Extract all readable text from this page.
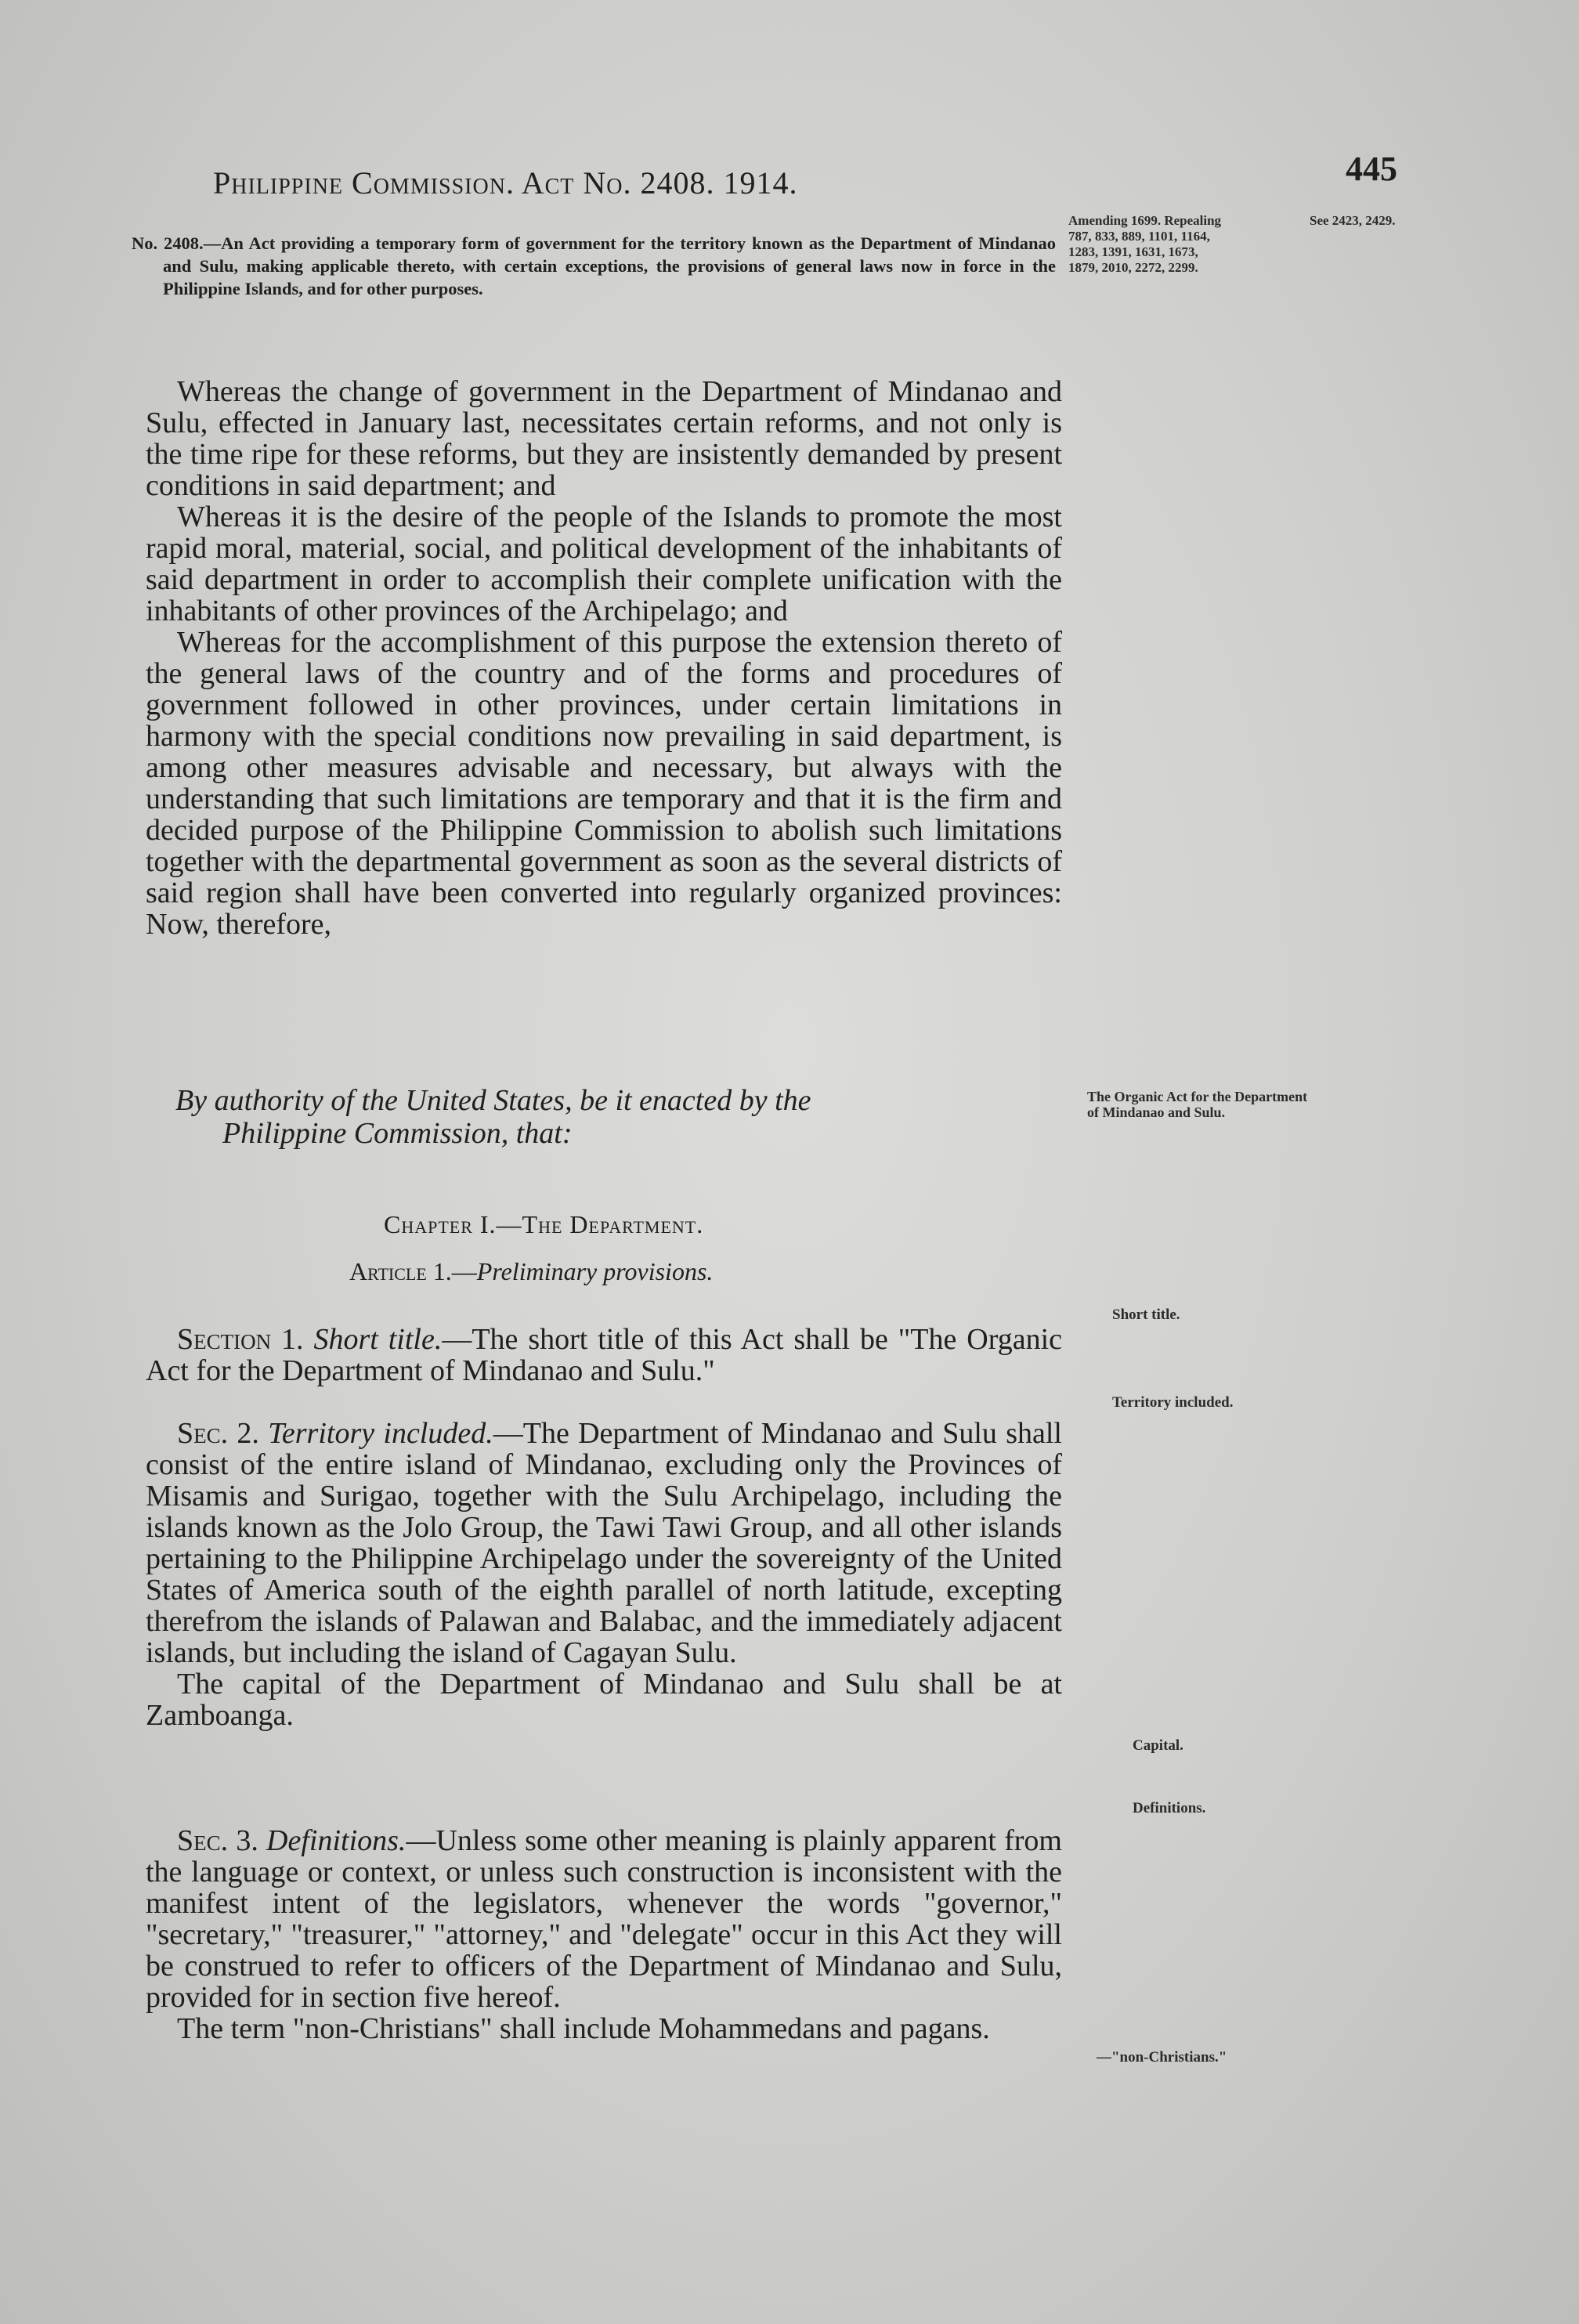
Philippine Commission. Act No. 2408. 1914.	445
No. 2408.—An Act providing a temporary form of government for the territory known as the Department of Mindanao and Sulu, making applicable thereto, with certain exceptions, the provisions of general laws now in force in the Philippine Islands, and for other purposes.
Amending 1699. Repealing 787, 833, 889, 1101, 1164, 1283, 1391, 1631, 1673, 1879, 2010, 2272, 2299.
See 2423, 2429.

Whereas the change of government in the Department of Mindanao and Sulu, effected in January last, necessitates certain reforms, and not only is the time ripe for these reforms, but they are insistently demanded by present conditions in said department; and

Whereas it is the desire of the people of the Islands to promote the most rapid moral, material, social, and political development of the inhabitants of said department in order to accomplish their complete unification with the inhabitants of other provinces of the Archipelago; and

Whereas for the accomplishment of this purpose the extension thereto of the general laws of the country and of the forms and procedures of government followed in other provinces, under certain limitations in harmony with the special conditions now prevailing in said department, is among other measures advisable and necessary, but always with the understanding that such limitations are temporary and that it is the firm and decided purpose of the Philippine Commission to abolish such limitations together with the departmental government as soon as the several districts of said region shall have been converted into regularly organized provinces: Now, therefore,

By authority of the United States, be it enacted by the
Philippine Commission, that:
The Organic Act for the Department of Mindanao and Sulu.
Chapter I.—The Department.
Article 1.—Preliminary provisions.

Section 1. Short title.—The short title of this Act shall be "The Organic Act for the Department of Mindanao and Sulu."

Short title.

Sec. 2. Territory included.—The Department of Mindanao and Sulu shall consist of the entire island of Mindanao, excluding only the Provinces of Misamis and Surigao, together with the Sulu Archipelago, including the islands known as the Jolo Group, the Tawi Tawi Group, and all other islands pertaining to the Philippine Archipelago under the sovereignty of the United States of America south of the eighth parallel of north latitude, excepting therefrom the islands of Palawan and Balabac, and the immediately adjacent islands, but including the island of Cagayan Sulu.

The capital of the Department of Mindanao and Sulu shall be at Zamboanga.

Territory included.
Capital.

Sec. 3. Definitions.—Unless some other meaning is plainly apparent from the language or context, or unless such construction is inconsistent with the manifest intent of the legislators, whenever the words "governor," "secretary," "treasurer," "attorney," and "delegate" occur in this Act they will be construed to refer to officers of the Department of Mindanao and Sulu, provided for in section five hereof.

The term "non-Christians" shall include Mohammedans and pagans.

Definitions.
—"non-Christians."
